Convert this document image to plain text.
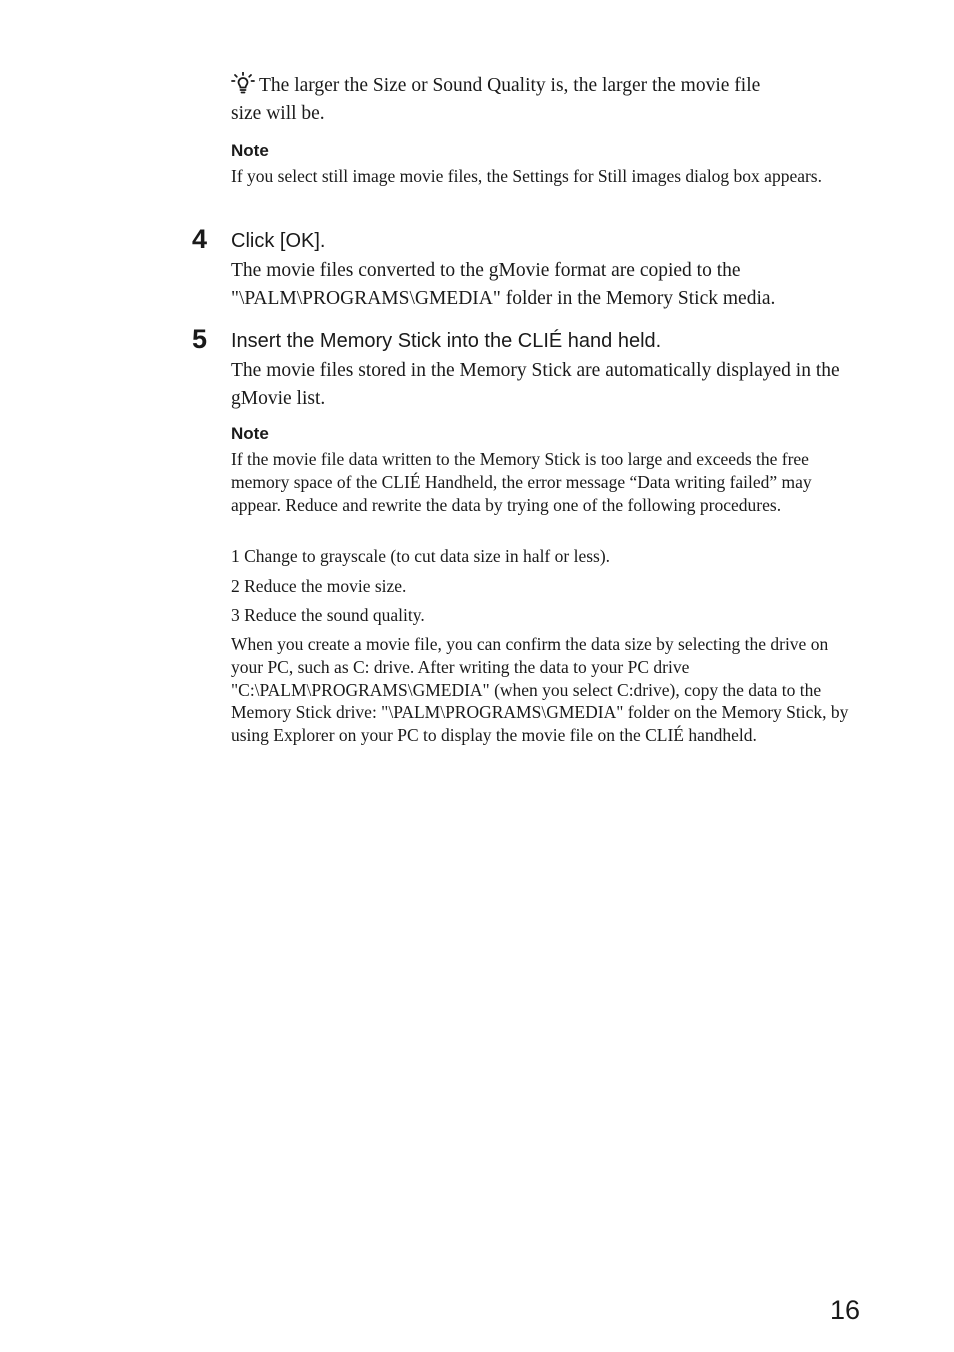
The larger the Size or Sound Quality is, the larger the movie file size will be.
Note
If you select still image movie files, the Settings for Still images dialog box appears.
4 Click [OK].
The movie files converted to the gMovie format are copied to the "\PALM\PROGRAMS\GMEDIA" folder in the Memory Stick media.
5 Insert the Memory Stick into the CLIÉ hand held.
The movie files stored in the Memory Stick are automatically displayed in the gMovie list.
Note
If the movie file data written to the Memory Stick is too large and exceeds the free memory space of the CLIÉ Handheld, the error message “Data writing failed” may appear. Reduce and rewrite the data by trying one of the following procedures.
1 Change to grayscale (to cut data size in half or less).
2 Reduce the movie size.
3 Reduce the sound quality.
When you create a movie file, you can confirm the data size by selecting the drive on your PC, such as C: drive. After writing the data to your PC drive "C:\PALM\PROGRAMS\GMEDIA" (when you select C:drive), copy the data to the Memory Stick drive: "\PALM\PROGRAMS\GMEDIA" folder on the Memory Stick, by using Explorer on your PC to display the movie file on the CLIÉ handheld.
16
